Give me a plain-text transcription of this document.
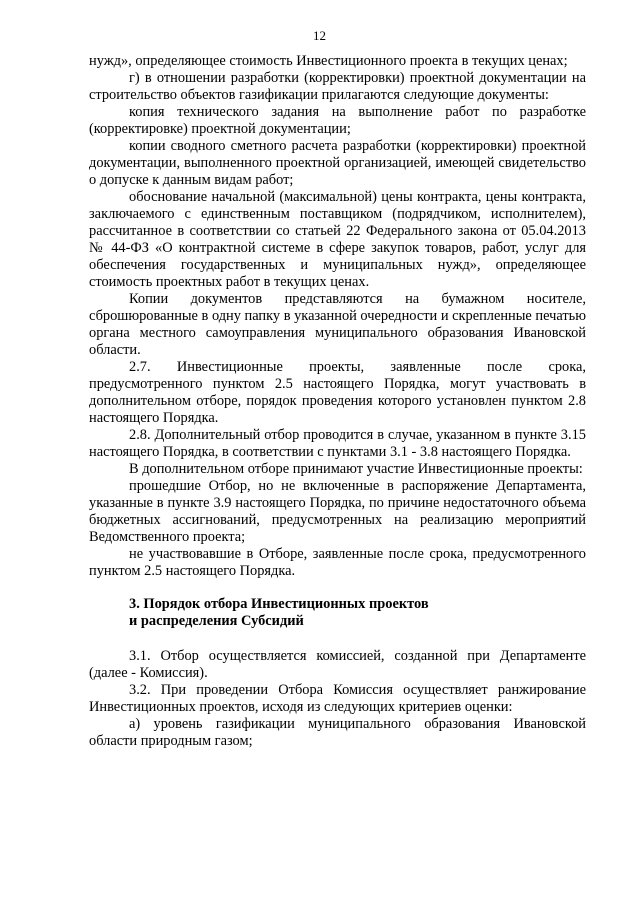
12

нужд», определяющее стоимость Инвестиционного проекта в текущих ценах;

г) в отношении разработки (корректировки) проектной документации на строительство объектов газификации прилагаются следующие документы:

копия технического задания на выполнение работ по разработке (корректировке) проектной документации;

копии сводного сметного расчета разработки (корректировки) проектной документации, выполненного проектной организацией, имеющей свидетельство о допуске к данным видам работ;

обоснование начальной (максимальной) цены контракта, цены контракта, заключаемого с единственным поставщиком (подрядчиком, исполнителем), рассчитанное в соответствии со статьей 22 Федерального закона от 05.04.2013 № 44-ФЗ «О контрактной системе в сфере закупок товаров, работ, услуг для обеспечения государственных и муниципальных нужд», определяющее стоимость проектных работ в текущих ценах.

Копии документов представляются на бумажном носителе, сброшюрованные в одну папку в указанной очередности и скрепленные печатью органа местного самоуправления муниципального образования Ивановской области.

2.7. Инвестиционные проекты, заявленные после срока, предусмотренного пунктом 2.5 настоящего Порядка, могут участвовать в дополнительном отборе, порядок проведения которого установлен пунктом 2.8 настоящего Порядка.

2.8. Дополнительный отбор проводится в случае, указанном в пункте 3.15 настоящего Порядка, в соответствии с пунктами 3.1 - 3.8 настоящего Порядка.

В дополнительном отборе принимают участие Инвестиционные проекты:

прошедшие Отбор, но не включенные в распоряжение Департамента, указанные в пункте 3.9 настоящего Порядка, по причине недостаточного объема бюджетных ассигнований, предусмотренных на реализацию мероприятий Ведомственного проекта;

не участвовавшие в Отборе, заявленные после срока, предусмотренного пунктом 2.5 настоящего Порядка.

3. Порядок отбора Инвестиционных проектов

и распределения Субсидий

3.1. Отбор осуществляется комиссией, созданной при Департаменте (далее - Комиссия).

3.2. При проведении Отбора Комиссия осуществляет ранжирование Инвестиционных проектов, исходя из следующих критериев оценки:

а) уровень газификации муниципального образования Ивановской области природным газом;
